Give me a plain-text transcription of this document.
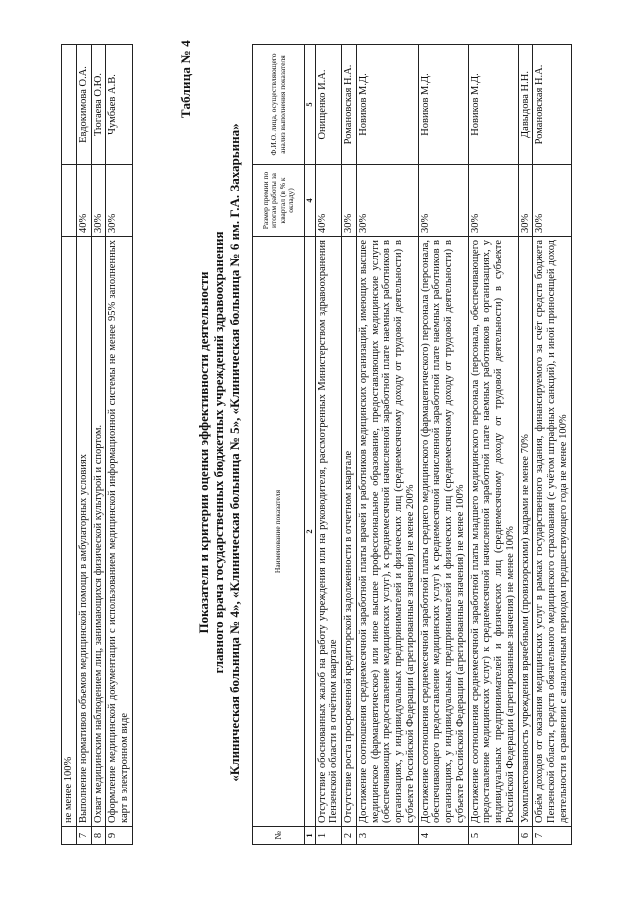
	не менее 100%		
7	Выполнение нормативов объемов медицинской помощи в амбулаторных условиях	40%	Евдокимова О.А.
8	Охват медицинским наблюдением лиц, занимающихся физической культурой и спортом.	30%	Тюгаева О.Ю.
9	Оформление медицинской документации с использованием медицинской информационной системы не менее 95% заполненных карт в электронном виде	30%	Чумбаев А.В.	Таблица № 4
Показатели и критерии оценки эффективности деятельности главного врача государственных бюджетных учреждений здравоохранения «Клиническая больница № 4», «Клиническая больница № 5», «Клиническая больница № 6 им. Г.А. Захарьина»
№	Наименование показателя	Размер премии по итогам работы за квартал (в % к окладу)	Ф.И.О. лица, осуществляющего анализ выполнения показателя
1	2	4	5
1	Отсутствие обоснованных жалоб на работу учреждения или на руководителя, рассмотренных Министерством здравоохранения Пензенской области в отчётном квартале	40%	Онищенко И.А.
2	Отсутствие роста просроченной кредиторской задолженности в отчетном квартале	30%	Романовская Н.А.
3	Достижение соотношения среднемесячной заработной платы врачей и работников медицинских организаций, имеющих высшее медицинское (фармацевтическое) или иное высшее профессиональное образование, предоставляющих медицинские услуги (обеспечивающих предоставление медицинских услуг), к среднемесячной начисленной заработной плате наемных работников в организациях, у индивидуальных предпринимателей и физических лиц (среднемесячному доходу от трудовой деятельности) в субъекте Российской Федерации (агрегированные значения) не менее 200%	30%	Новиков М.Д.
4	Достижение соотношения среднемесячной заработной платы среднего медицинского (фармацевтического) персонала (персонала, обеспечивающего предоставление медицинских услуг) к среднемесячной начисленной заработной плате наемных работников в организациях, у индивидуальных предпринимателей и физических лиц (среднемесячному доходу от трудовой деятельности) в субъекте Российской Федерации (агрегированные значения) не менее 100%	30%	Новиков М.Д.
5	Достижение соотношения среднемесячной заработной платы младшего медицинского персонала (персонала, обеспечивающего предоставление медицинских услуг) к среднемесячной начисленной заработной плате наемных работников в организациях, у индивидуальных предпринимателей и физических лиц (среднемесячному доходу от трудовой деятельности) в субъекте Российской Федерации (агрегированные значения) не менее 100%	30%	Новиков М.Д.
6	Укомплектованность учреждения врачебными (провизорскими) кадрами не менее 70%	30%	Давыдова Н.Н.
7	Объём доходов от оказания медицинских услуг в рамках государственного задания, финансируемого за счёт средств бюджета Пензенской области, средств обязательного медицинского страхования (с учётом штрафных санкций), и иной приносящей доход деятельности в сравнении с аналогичным периодом предшествующего года не менее 100%	30%	Романовская Н.А.
